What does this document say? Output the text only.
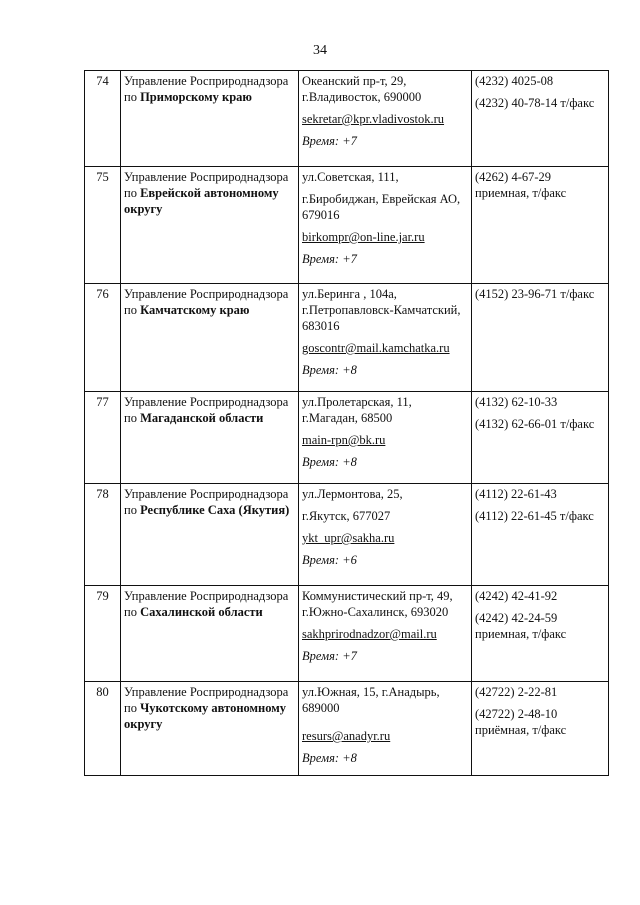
34
74	Управление Росприроднадзора по Приморскому краю	Океанский пр-т, 29,
г.Владивосток, 690000
sekretar@kpr.vladivostok.ru
Время: +7	(4232) 4025-08
(4232) 40-78-14 т/факс

75	Управление Росприроднадзора по Еврейской автономному округу	ул.Советская, 111,
г.Биробиджан, Еврейская АО, 679016
birkompr@on-line.jar.ru
Время: +7	(4262) 4-67-29
приемная, т/факс

76	Управление Росприроднадзора по Камчатскому краю	ул.Беринга , 104а,
г.Петропавловск-Камчатский, 683016
goscontr@mail.kamchatka.ru
Время: +8	(4152) 23-96-71 т/факс

77	Управление Росприроднадзора по Магаданской области	ул.Пролетарская, 11,
г.Магадан, 68500
main-rpn@bk.ru
Время: +8	(4132) 62-10-33
(4132) 62-66-01 т/факс

78	Управление Росприроднадзора по Республике Саха (Якутия)	ул.Лермонтова, 25,
г.Якутск, 677027
ykt_upr@sakha.ru
Время: +6	(4112) 22-61-43
(4112) 22-61-45 т/факс

79	Управление Росприроднадзора по Сахалинской области	Коммунистический пр-т, 49,
г.Южно-Сахалинск, 693020
sakhprirodnadzor@mail.ru
Время: +7	(4242) 42-41-92
(4242) 42-24-59 приемная, т/факс

80	Управление Росприроднадзора по Чукотскому автономному округу	ул.Южная, 15, г.Анадырь, 689000
resurs@anadyr.ru
Время: +8	(42722) 2-22-81
(42722) 2-48-10 приёмная, т/факс
